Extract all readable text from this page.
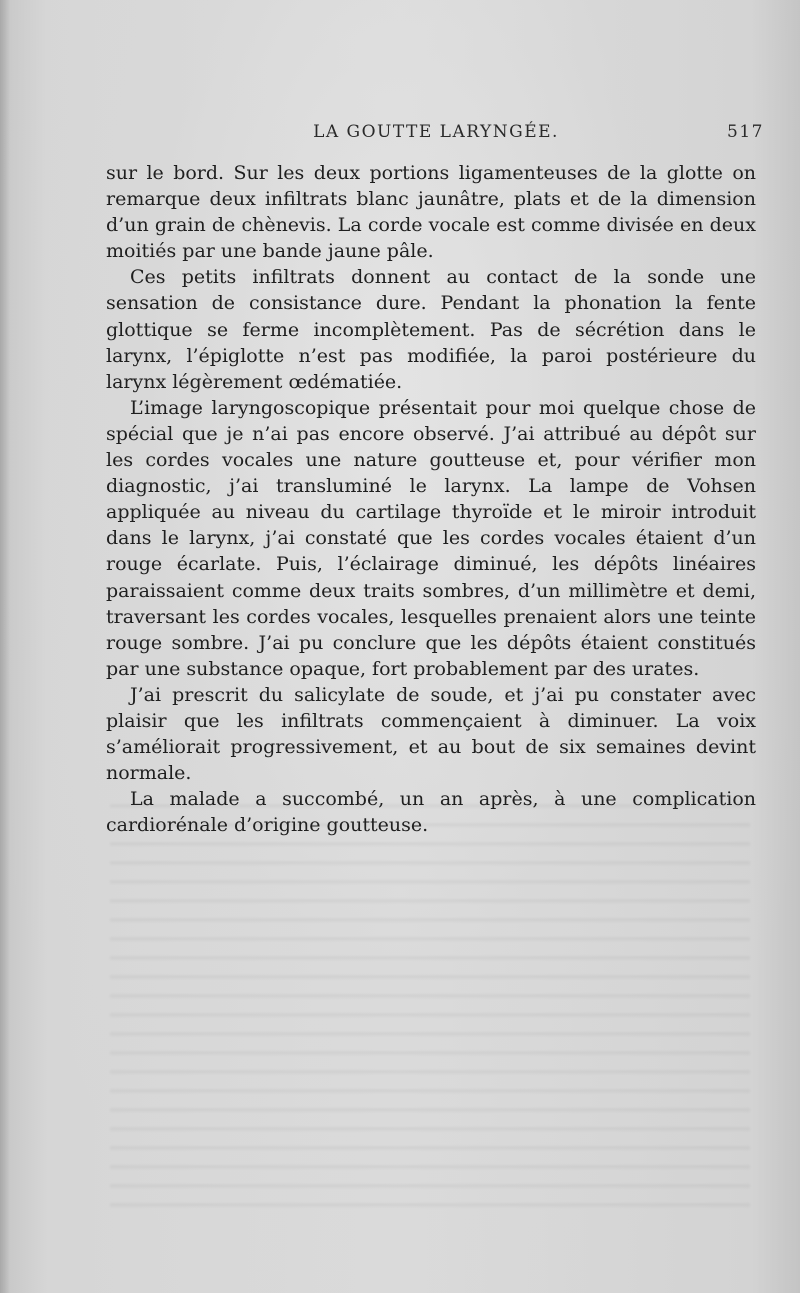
LA GOUTTE LARYNGÉE.	517

sur le bord. Sur les deux portions ligamenteuses de la glotte on remarque deux infiltrats blanc jaunâtre, plats et de la dimension d’un grain de chènevis. La corde vocale est comme divisée en deux moitiés par une bande jaune pâle.

Ces petits infiltrats donnent au contact de la sonde une sensation de consistance dure. Pendant la phonation la fente glottique se ferme incomplètement. Pas de sécrétion dans le larynx, l’épiglotte n’est pas modifiée, la paroi postérieure du larynx légèrement œdématiée.

L’image laryngoscopique présentait pour moi quelque chose de spécial que je n’ai pas encore observé. J’ai attribué au dépôt sur les cordes vocales une nature goutteuse et, pour vérifier mon diagnostic, j’ai transluminé le larynx. La lampe de Vohsen appliquée au niveau du cartilage thyroïde et le miroir introduit dans le larynx, j’ai constaté que les cordes vocales étaient d’un rouge écarlate. Puis, l’éclairage diminué, les dépôts linéaires paraissaient comme deux traits sombres, d’un millimètre et demi, traversant les cordes vocales, lesquelles prenaient alors une teinte rouge sombre. J’ai pu conclure que les dépôts étaient constitués par une substance opaque, fort probablement par des urates.

J’ai prescrit du salicylate de soude, et j’ai pu constater avec plaisir que les infiltrats commençaient à diminuer. La voix s’améliorait progressivement, et au bout de six semaines devint normale.

La malade a succombé, un an après, à une complication cardiorénale d’origine goutteuse.
